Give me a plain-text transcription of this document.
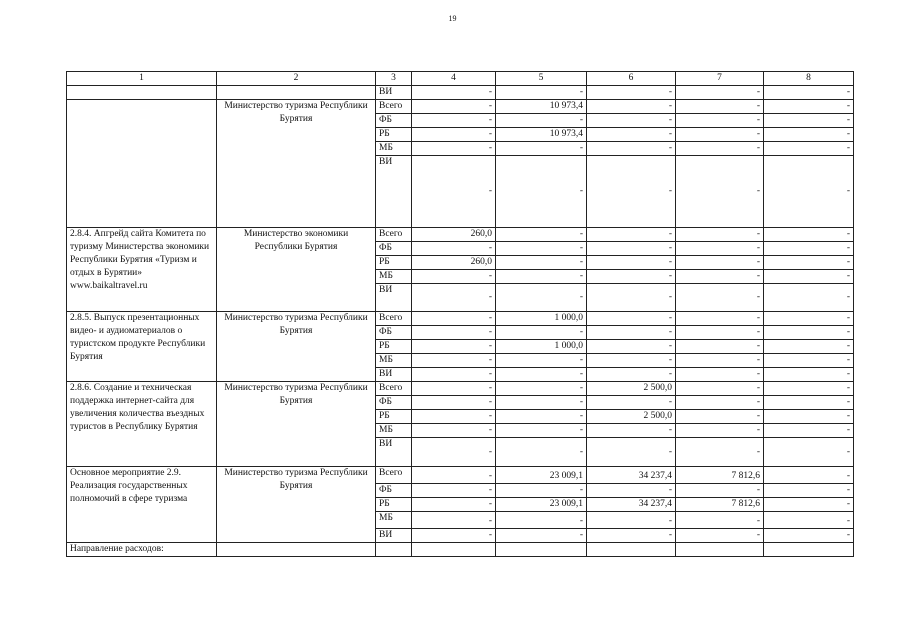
19
1	2	3	4	5	6	7	8
		ВИ	-	-	-	-	-
	Министерство туризма Республики Бурятия	Всего	-	10 973,4	-	-	-
		ФБ	-	-	-	-	-
		РБ	-	10 973,4	-	-	-
		МБ	-	-	-	-	-
		ВИ	-	-	-	-	-
2.8.4. Апгрейд сайта Комитета по туризму Министерства экономики Республики Бурятия «Туризм и отдых в Бурятии» www.baikaltravel.ru	Министерство экономики Республики Бурятия	Всего	260,0	-	-	-	-
		ФБ	-	-	-	-	-
		РБ	260,0	-	-	-	-
		МБ	-	-	-	-	-
		ВИ	-	-	-	-	-
2.8.5. Выпуск презентационных видео- и аудиоматериалов о туристском продукте Республики Бурятия	Министерство туризма Республики Бурятия	Всего	-	1 000,0	-	-	-
		ФБ	-	-	-	-	-
		РБ	-	1 000,0	-	-	-
		МБ	-	-	-	-	-
		ВИ	-	-	-	-	-
2.8.6. Создание и техническая поддержка интернет-сайта для увеличения количества въездных туристов в Республику Бурятия	Министерство туризма Республики Бурятия	Всего	-	-	2 500,0	-	-
		ФБ	-	-	-	-	-
		РБ	-	-	2 500,0	-	-
		МБ	-	-	-	-	-
		ВИ	-	-	-	-	-
Основное мероприятие 2.9. Реализация государственных полномочий в сфере туризма	Министерство туризма Республики Бурятия	Всего	-	23 009,1	34 237,4	7 812,6	-
		ФБ	-	-	-	-	-
		РБ	-	23 009,1	34 237,4	7 812,6	-
		МБ	-	-	-	-	-
		ВИ	-	-	-	-	-
Направление расходов:							
